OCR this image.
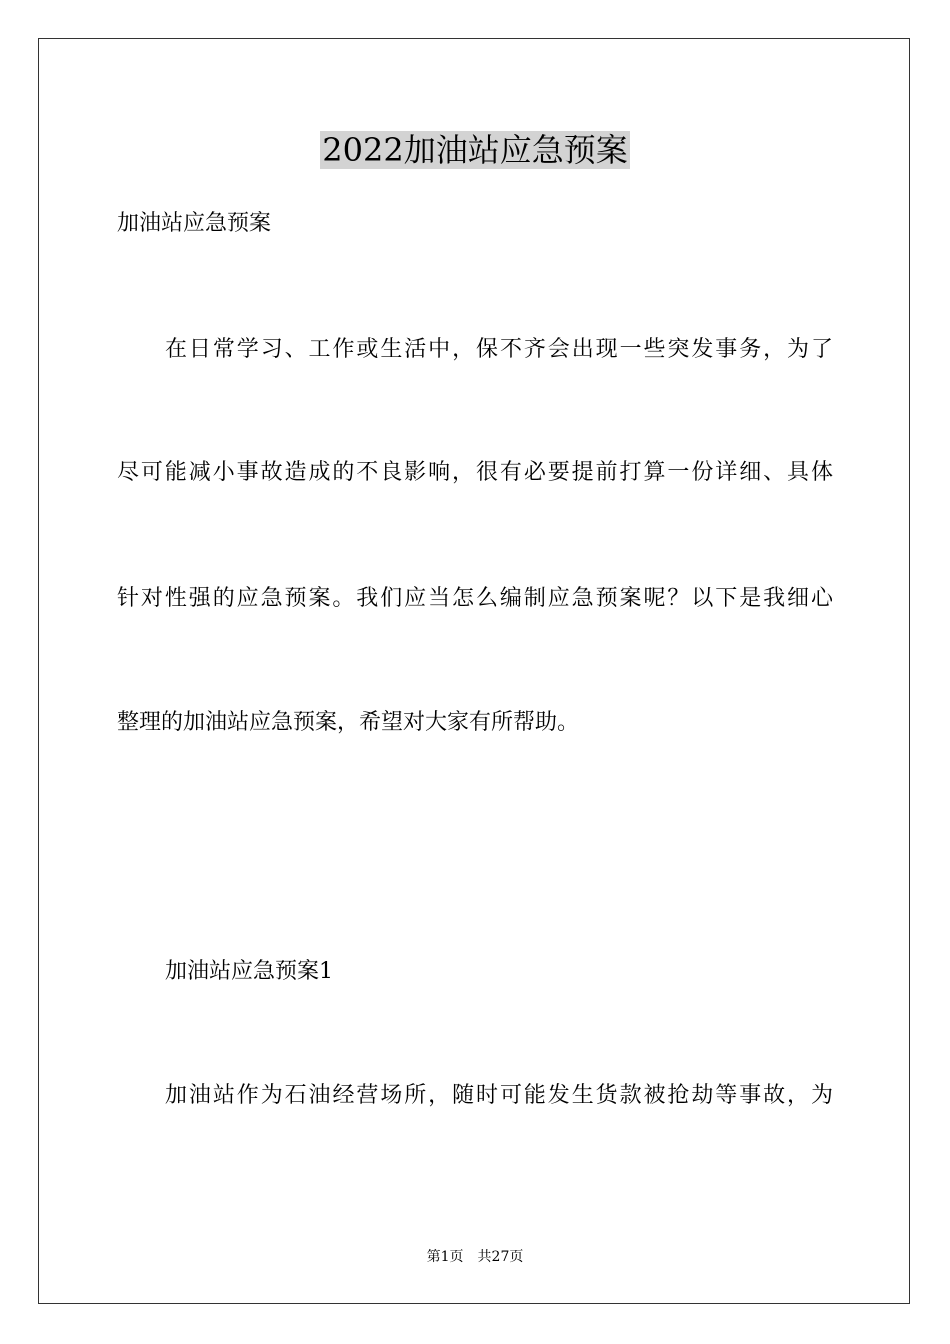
2022加油站应急预案
加油站应急预案
在日常学习、工作或生活中，保不齐会出现一些突发事务，为了
尽可能减小事故造成的不良影响，很有必要提前打算一份详细、具体
针对性强的应急预案。我们应当怎么编制应急预案呢？以下是我细心
整理的加油站应急预案，希望对大家有所帮助。
加油站应急预案1
加油站作为石油经营场所，随时可能发生货款被抢劫等事故，为
第1页 共27页
